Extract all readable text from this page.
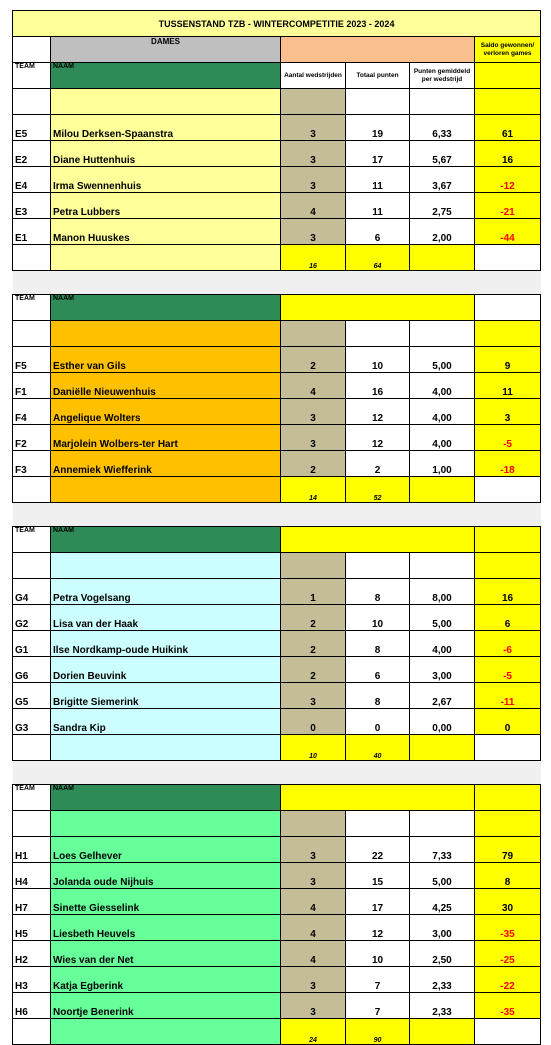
TUSSENSTAND TZB - WINTERCOMPETITIE 2023 - 2024					
	DAMES				Saldo gewonnen/ verloren games
TEAM	NAAM	Aantal wedstrijden	Totaal punten	Punten gemiddeld per wedstrijd	

E5	Milou Derksen-Spaanstra	3	19	6,33	61
E2	Diane Huttenhuis	3	17	5,67	16
E4	Irma Swennenhuis	3	11	3,67	-12
E3	Petra Lubbers	4	11	2,75	-21
E1	Manon Huuskes	3	6	2,00	-44
		16	64		

TEAM	NAAM				

F5	Esther van Gils	2	10	5,00	9
F1	Daniëlle Nieuwenhuis	4	16	4,00	11
F4	Angelique Wolters	3	12	4,00	3
F2	Marjolein Wolbers-ter Hart	3	12	4,00	-5
F3	Annemiek Wiefferink	2	2	1,00	-18
		14	52		

TEAM	NAAM				

G4	Petra Vogelsang	1	8	8,00	16
G2	Lisa van der Haak	2	10	5,00	6
G1	Ilse Nordkamp-oude Huikink	2	8	4,00	-6
G6	Dorien Beuvink	2	6	3,00	-5
G5	Brigitte Siemerink	3	8	2,67	-11
G3	Sandra Kip	0	0	0,00	0
		10	40		

TEAM	NAAM				

H1	Loes Gelhever	3	22	7,33	79
H4	Jolanda oude Nijhuis	3	15	5,00	8
H7	Sinette Giesselink	4	17	4,25	30
H5	Liesbeth Heuvels	4	12	3,00	-35
H2	Wies van der Net	4	10	2,50	-25
H3	Katja Egberink	3	7	2,33	-22
H6	Noortje Benerink	3	7	2,33	-35
		24	90		
